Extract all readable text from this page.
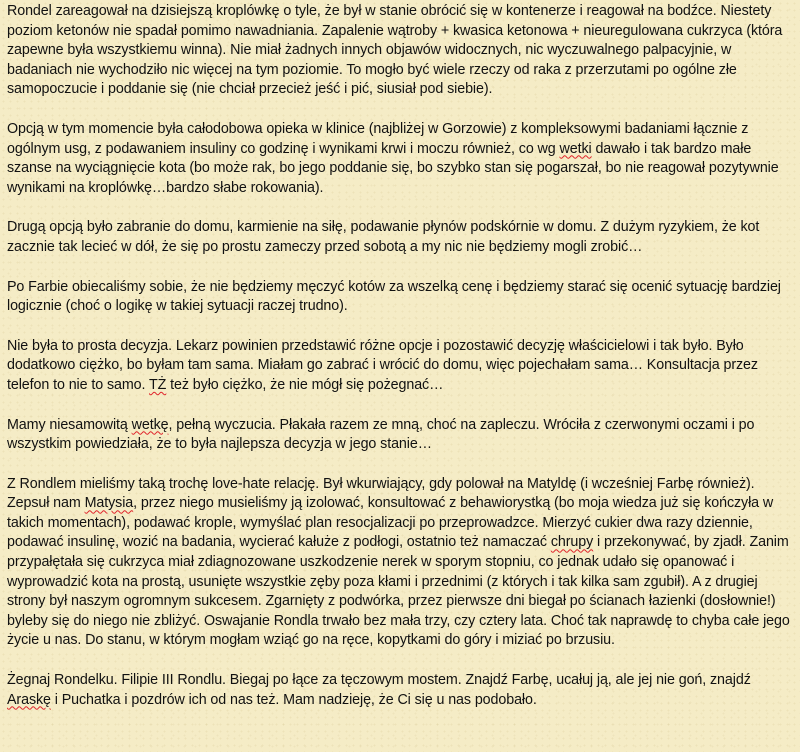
Rondel zareagował na dzisiejszą kroplówkę o tyle, że był w stanie obrócić się w kontenerze i reagował na bodźce. Niestety poziom ketonów nie spadał pomimo nawadniania. Zapalenie wątroby + kwasica ketonowa + nieuregulowana cukrzyca (która zapewne była wszystkiemu winna). Nie miał żadnych innych objawów widocznych, nic wyczuwalnego palpacyjnie, w badaniach nie wychodziło nic więcej na tym poziomie. To mogło być wiele rzeczy od raka z przerzutami po ogólne złe samopoczucie i poddanie się (nie chciał przecież jeść i pić, siusiał pod siebie).

Opcją w tym momencie była całodobowa opieka w klinice (najbliżej w Gorzowie) z kompleksowymi badaniami łącznie z ogólnym usg, z podawaniem insuliny co godzinę i wynikami krwi i moczu również, co wg wetki dawało i tak bardzo małe szanse na wyciągnięcie kota (bo może rak, bo jego poddanie się, bo szybko stan się pogarszał, bo nie reagował pozytywnie wynikami na kroplówkę…bardzo słabe rokowania).

Drugą opcją było zabranie do domu, karmienie na siłę, podawanie płynów podskórnie w domu. Z dużym ryzykiem, że kot zacznie tak lecieć w dół, że się po prostu zameczy przed sobotą a my nic nie będziemy mogli zrobić…

Po Farbie obiecaliśmy sobie, że nie będziemy męczyć kotów za wszelką cenę i będziemy starać się ocenić sytuację bardziej logicznie (choć o logikę w takiej sytuacji raczej trudno).

Nie była to prosta decyzja. Lekarz powinien przedstawić różne opcje i pozostawić decyzję właścicielowi i tak było. Było dodatkowo ciężko, bo byłam tam sama. Miałam go zabrać i wrócić do domu, więc pojechałam sama… Konsultacja przez telefon to nie to samo. TŻ też było ciężko, że nie mógł się pożegnać…

Mamy niesamowitą wetkę, pełną wyczucia. Płakała razem ze mną, choć na zapleczu. Wróciła z czerwonymi oczami i po wszystkim powiedziała, że to była najlepsza decyzja w jego stanie…

Z Rondlem mieliśmy taką trochę love-hate relację. Był wkurwiający, gdy polował na Matyldę (i wcześniej Farbę również). Zepsuł nam Matysia, przez niego musieliśmy ją izolować, konsultować z behawiorystką (bo moja wiedza już się kończyła w takich momentach), podawać krople, wymyślać plan resocjalizacji po przeprowadzce. Mierzyć cukier dwa razy dziennie, podawać insulinę, wozić na badania, wycierać kałuże z podłogi, ostatnio też namaczać chrupy i przekonywać, by zjadł. Zanim przypałętała się cukrzyca miał zdiagnozowane uszkodzenie nerek w sporym stopniu, co jednak udało się opanować i wyprowadzić kota na prostą, usunięte wszystkie zęby poza kłami i przednimi (z których i tak kilka sam zgubił). A z drugiej strony był naszym ogromnym sukcesem. Zgarnięty z podwórka, przez pierwsze dni biegał po ścianach łazienki (dosłownie!) byleby się do niego nie zbliżyć. Oswajanie Rondla trwało bez mała trzy, czy cztery lata. Choć tak naprawdę to chyba całe jego życie u nas. Do stanu, w którym mogłam wziąć go na ręce, kopytkami do góry i miziać po brzusiu.

Żegnaj Rondelku. Filipie III Rondlu. Biegaj po łące za tęczowym mostem. Znajdź Farbę, ucałuj ją, ale jej nie goń, znajdź Araskę i Puchatka i pozdrów ich od nas też. Mam nadzieję, że Ci się u nas podobało.
